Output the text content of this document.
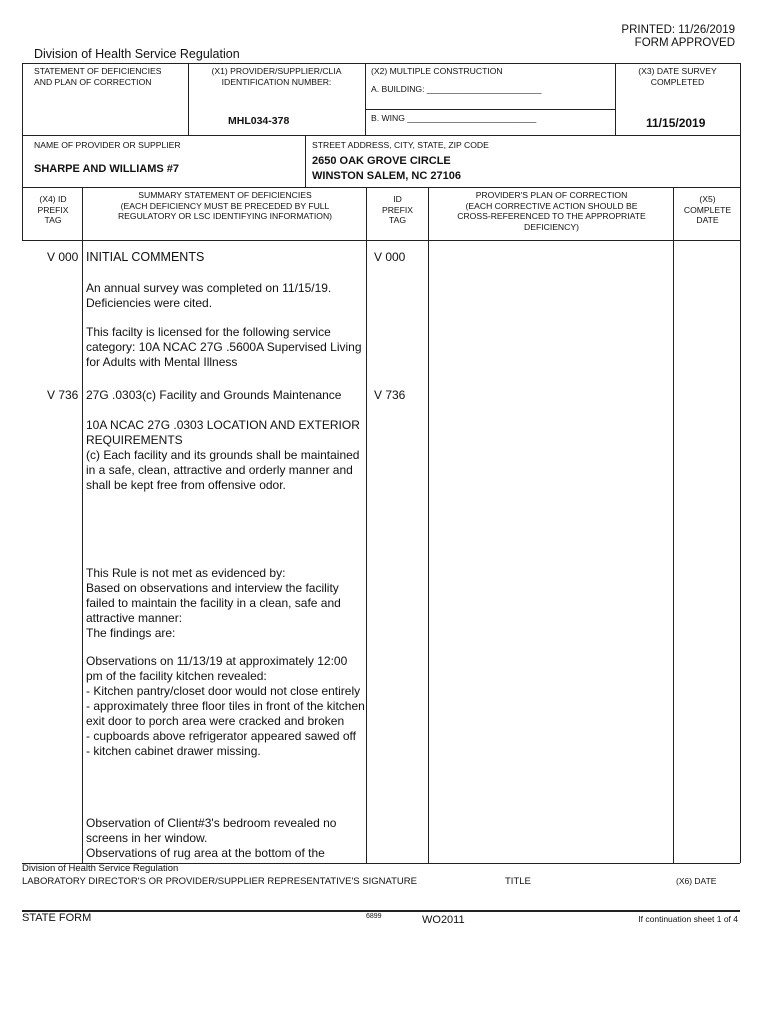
PRINTED: 11/26/2019
FORM APPROVED
Division of Health Service Regulation
STATEMENT OF DEFICIENCIES
AND PLAN OF CORRECTION
(X1) PROVIDER/SUPPLIER/CLIA
IDENTIFICATION NUMBER:
MHL034-378
(X2) MULTIPLE CONSTRUCTION
A. BUILDING: ________________________
B. WING ___________________________
(X3) DATE SURVEY
COMPLETED
11/15/2019
NAME OF PROVIDER OR SUPPLIER
SHARPE AND WILLIAMS #7
STREET ADDRESS, CITY, STATE, ZIP CODE
2650 OAK GROVE CIRCLE
WINSTON SALEM, NC 27106
(X4) ID
PREFIX
TAG
SUMMARY STATEMENT OF DEFICIENCIES
(EACH DEFICIENCY MUST BE PRECEDED BY FULL
REGULATORY OR LSC IDENTIFYING INFORMATION)
ID
PREFIX
TAG
PROVIDER'S PLAN OF CORRECTION
(EACH CORRECTIVE ACTION SHOULD BE
CROSS-REFERENCED TO THE APPROPRIATE
DEFICIENCY)
(X5)
COMPLETE
DATE
V 000 INITIAL COMMENTS	V 000
An annual survey was completed on 11/15/19. Deficiencies were cited.
This facilty is licensed for the following service category: 10A NCAC 27G .5600A Supervised Living for Adults with Mental Illness
V 736 27G .0303(c) Facility and Grounds Maintenance	V 736
10A NCAC 27G .0303 LOCATION AND EXTERIOR REQUIREMENTS
(c) Each facility and its grounds shall be maintained in a safe, clean, attractive and orderly manner and shall be kept free from offensive odor.
This Rule is not met as evidenced by:
Based on observations and interview the facility failed to maintain the facility in a clean, safe and attractive manner:
The findings are:
Observations on 11/13/19 at approximately 12:00 pm of the facility kitchen revealed:
- Kitchen pantry/closet door would not close entirely
- approximately three floor tiles in front of the kitchen exit door to porch area were cracked and broken
- cupboards above refrigerator appeared sawed off
- kitchen cabinet drawer missing.
Observation of Client#3's bedroom revealed no screens in her window.
Observations of rug area at the bottom of the
Division of Health Service Regulation
LABORATORY DIRECTOR'S OR PROVIDER/SUPPLIER REPRESENTATIVE'S SIGNATURE	TITLE	(X6) DATE
STATE FORM	6899	WO2011	If continuation sheet 1 of 4
